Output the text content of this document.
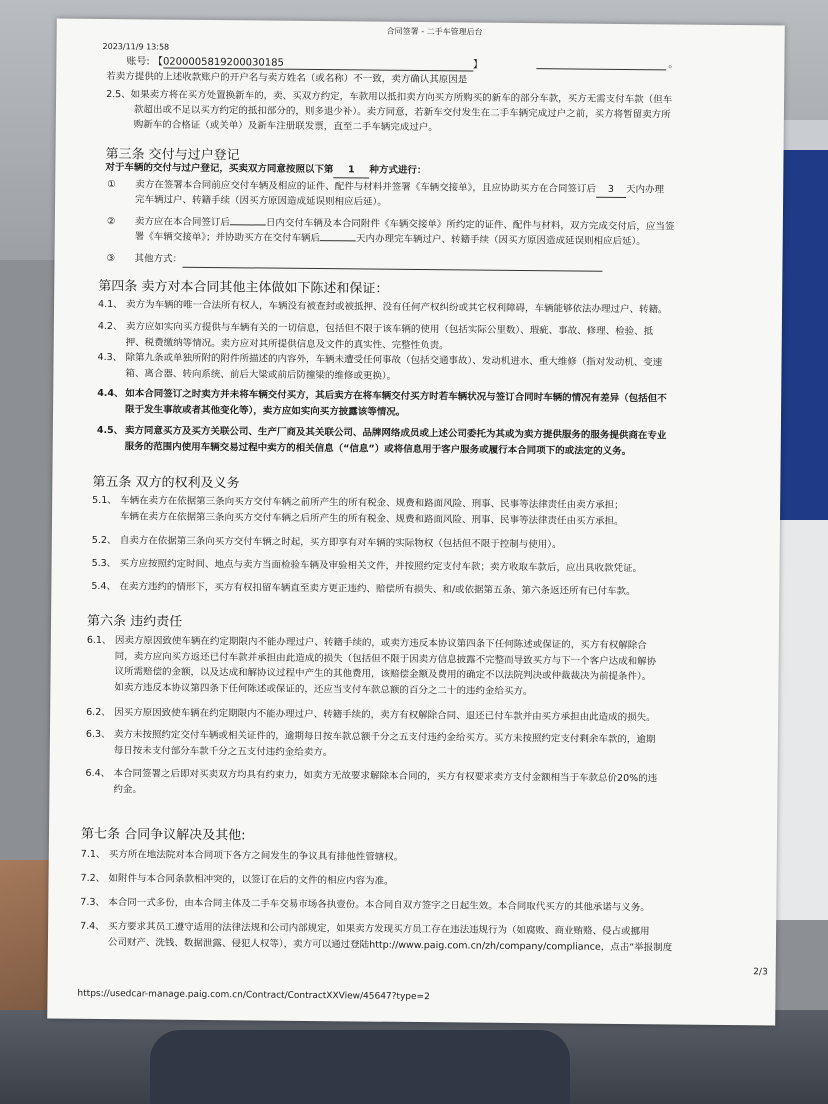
2023/11/9 13:58
合同签署 - 二手车管理后台
账号: 【0200005819200030185	】	。
若卖方提供的上述收款账户的开户名与卖方姓名（或名称）不一致，卖方确认其原因是
2.5、如果卖方将在买方处置换新车的，卖、买双方约定，车款用以抵扣卖方向买方所购买的新车的部分车款，买方无需支付车款（但车
款超出或不足以买方约定的抵扣部分的，则多退少补）。卖方同意，若新车交付发生在二手车辆完成过户之前，买方将暂留卖方所
购新车的合格证（或关单）及新车注册联发票，直至二手车辆完成过户。
第三条 交付与过户登记
对于车辆的交付与过户登记，买卖双方同意按照以下第 1 种方式进行：
① 卖方在签署本合同前应交付车辆及相应的证件、配件与材料并签署《车辆交接单》，且应协助买方在合同签订后 3 天内办理
完车辆过户、转籍手续（因买方原因造成延误则相应后延）。
② 卖方应在本合同签订后	日内交付车辆及本合同附件《车辆交接单》所约定的证件、配件与材料，双方完成交付后，应当签
署《车辆交接单》；并协助买方在交付车辆后	天内办理完车辆过户、转籍手续（因买方原因造成延误则相应后延）。
③ 其他方式：
第四条 卖方对本合同其他主体做如下陈述和保证：
4.1、 卖方为车辆的唯一合法所有权人，车辆没有被查封或被抵押、没有任何产权纠纷或其它权利障碍，车辆能够依法办理过户、转籍。
4.2、 卖方应如实向买方提供与车辆有关的一切信息，包括但不限于该车辆的使用（包括实际公里数）、瑕疵、事故、修理、检验、抵
押、税费缴纳等情况。卖方应对其所提供信息及文件的真实性、完整性负责。
4.3、 除第九条或单独所附的附件所描述的内容外，车辆未遭受任何事故（包括交通事故）、发动机进水、重大维修（指对发动机、变速
箱、离合器、转向系统、前后大梁或前后防撞梁的维修或更换）。
4.4、 如本合同签订之时卖方并未将车辆交付买方，其后卖方在将车辆交付买方时若车辆状况与签订合同时车辆的情况有差异（包括但不
限于发生事故或者其他变化等），卖方应如实向买方披露该等情况。
4.5、 卖方同意买方及买方关联公司、生产厂商及其关联公司、品牌网络成员或上述公司委托为其或为卖方提供服务的服务提供商在专业
服务的范围内使用车辆交易过程中卖方的相关信息（“信息”）或将信息用于客户服务或履行本合同项下的或法定的义务。
第五条 双方的权利及义务
5.1、 车辆在卖方在依据第三条向买方交付车辆之前所产生的所有税金、规费和路面风险、刑事、民事等法律责任由卖方承担；
车辆在卖方在依据第三条向买方交付车辆之后所产生的所有税金、规费和路面风险、刑事、民事等法律责任由买方承担。
5.2、 自卖方在依据第三条向买方交付车辆之时起，买方即享有对车辆的实际物权（包括但不限于控制与使用）。
5.3、 买方应按照约定时间、地点与卖方当面检验车辆及审验相关文件，并按照约定支付车款；卖方收取车款后，应出具收款凭证。
5.4、 在卖方违约的情形下，买方有权扣留车辆直至卖方更正违约、赔偿所有损失、和/或依据第五条、第六条返还所有已付车款。
第六条 违约责任
6.1、 因卖方原因致使车辆在约定期限内不能办理过户、转籍手续的，或卖方违反本协议第四条下任何陈述或保证的，买方有权解除合
同，卖方应向买方返还已付车款并承担由此造成的损失（包括但不限于因卖方信息披露不完整而导致买方与下一个客户达成和解协
议所需赔偿的金额，以及达成和解协议过程中产生的其他费用，该赔偿金额及费用的确定不以法院判决或仲裁裁决为前提条件）。
如卖方违反本协议第四条下任何陈述或保证的，还应当支付车款总额的百分之二十的违约金给买方。
6.2、 因买方原因致使车辆在约定期限内不能办理过户、转籍手续的，卖方有权解除合同、退还已付车款并由买方承担由此造成的损失。
6.3、 卖方未按照约定交付车辆或相关证件的，逾期每日按车款总额千分之五支付违约金给买方。买方未按照约定支付剩余车款的，逾期
每日按未支付部分车款千分之五支付违约金给卖方。
6.4、 本合同签署之后即对买卖双方均具有约束力，如卖方无故要求解除本合同的，买方有权要求卖方支付金额相当于车款总价20%的违
约金。
第七条 合同争议解决及其他:
7.1、 买方所在地法院对本合同项下各方之间发生的争议具有排他性管辖权。
7.2、 如附件与本合同条款相冲突的，以签订在后的文件的相应内容为准。
7.3、 本合同一式多份，由本合同主体及二手车交易市场各执壹份。本合同自双方签字之日起生效。本合同取代买方的其他承诺与义务。
7.4、 买方要求其员工遵守适用的法律法规和公司内部规定，如果卖方发现买方员工存在违法违规行为（如腐败、商业贿赂、侵占或挪用
公司财产、洗钱、数据泄露、侵犯人权等），卖方可以通过登陆http://www.paig.com.cn/zh/company/compliance，点击“举报制度
2/3
https://usedcar-manage.paig.com.cn/Contract/ContractXXView/45647?type=2
